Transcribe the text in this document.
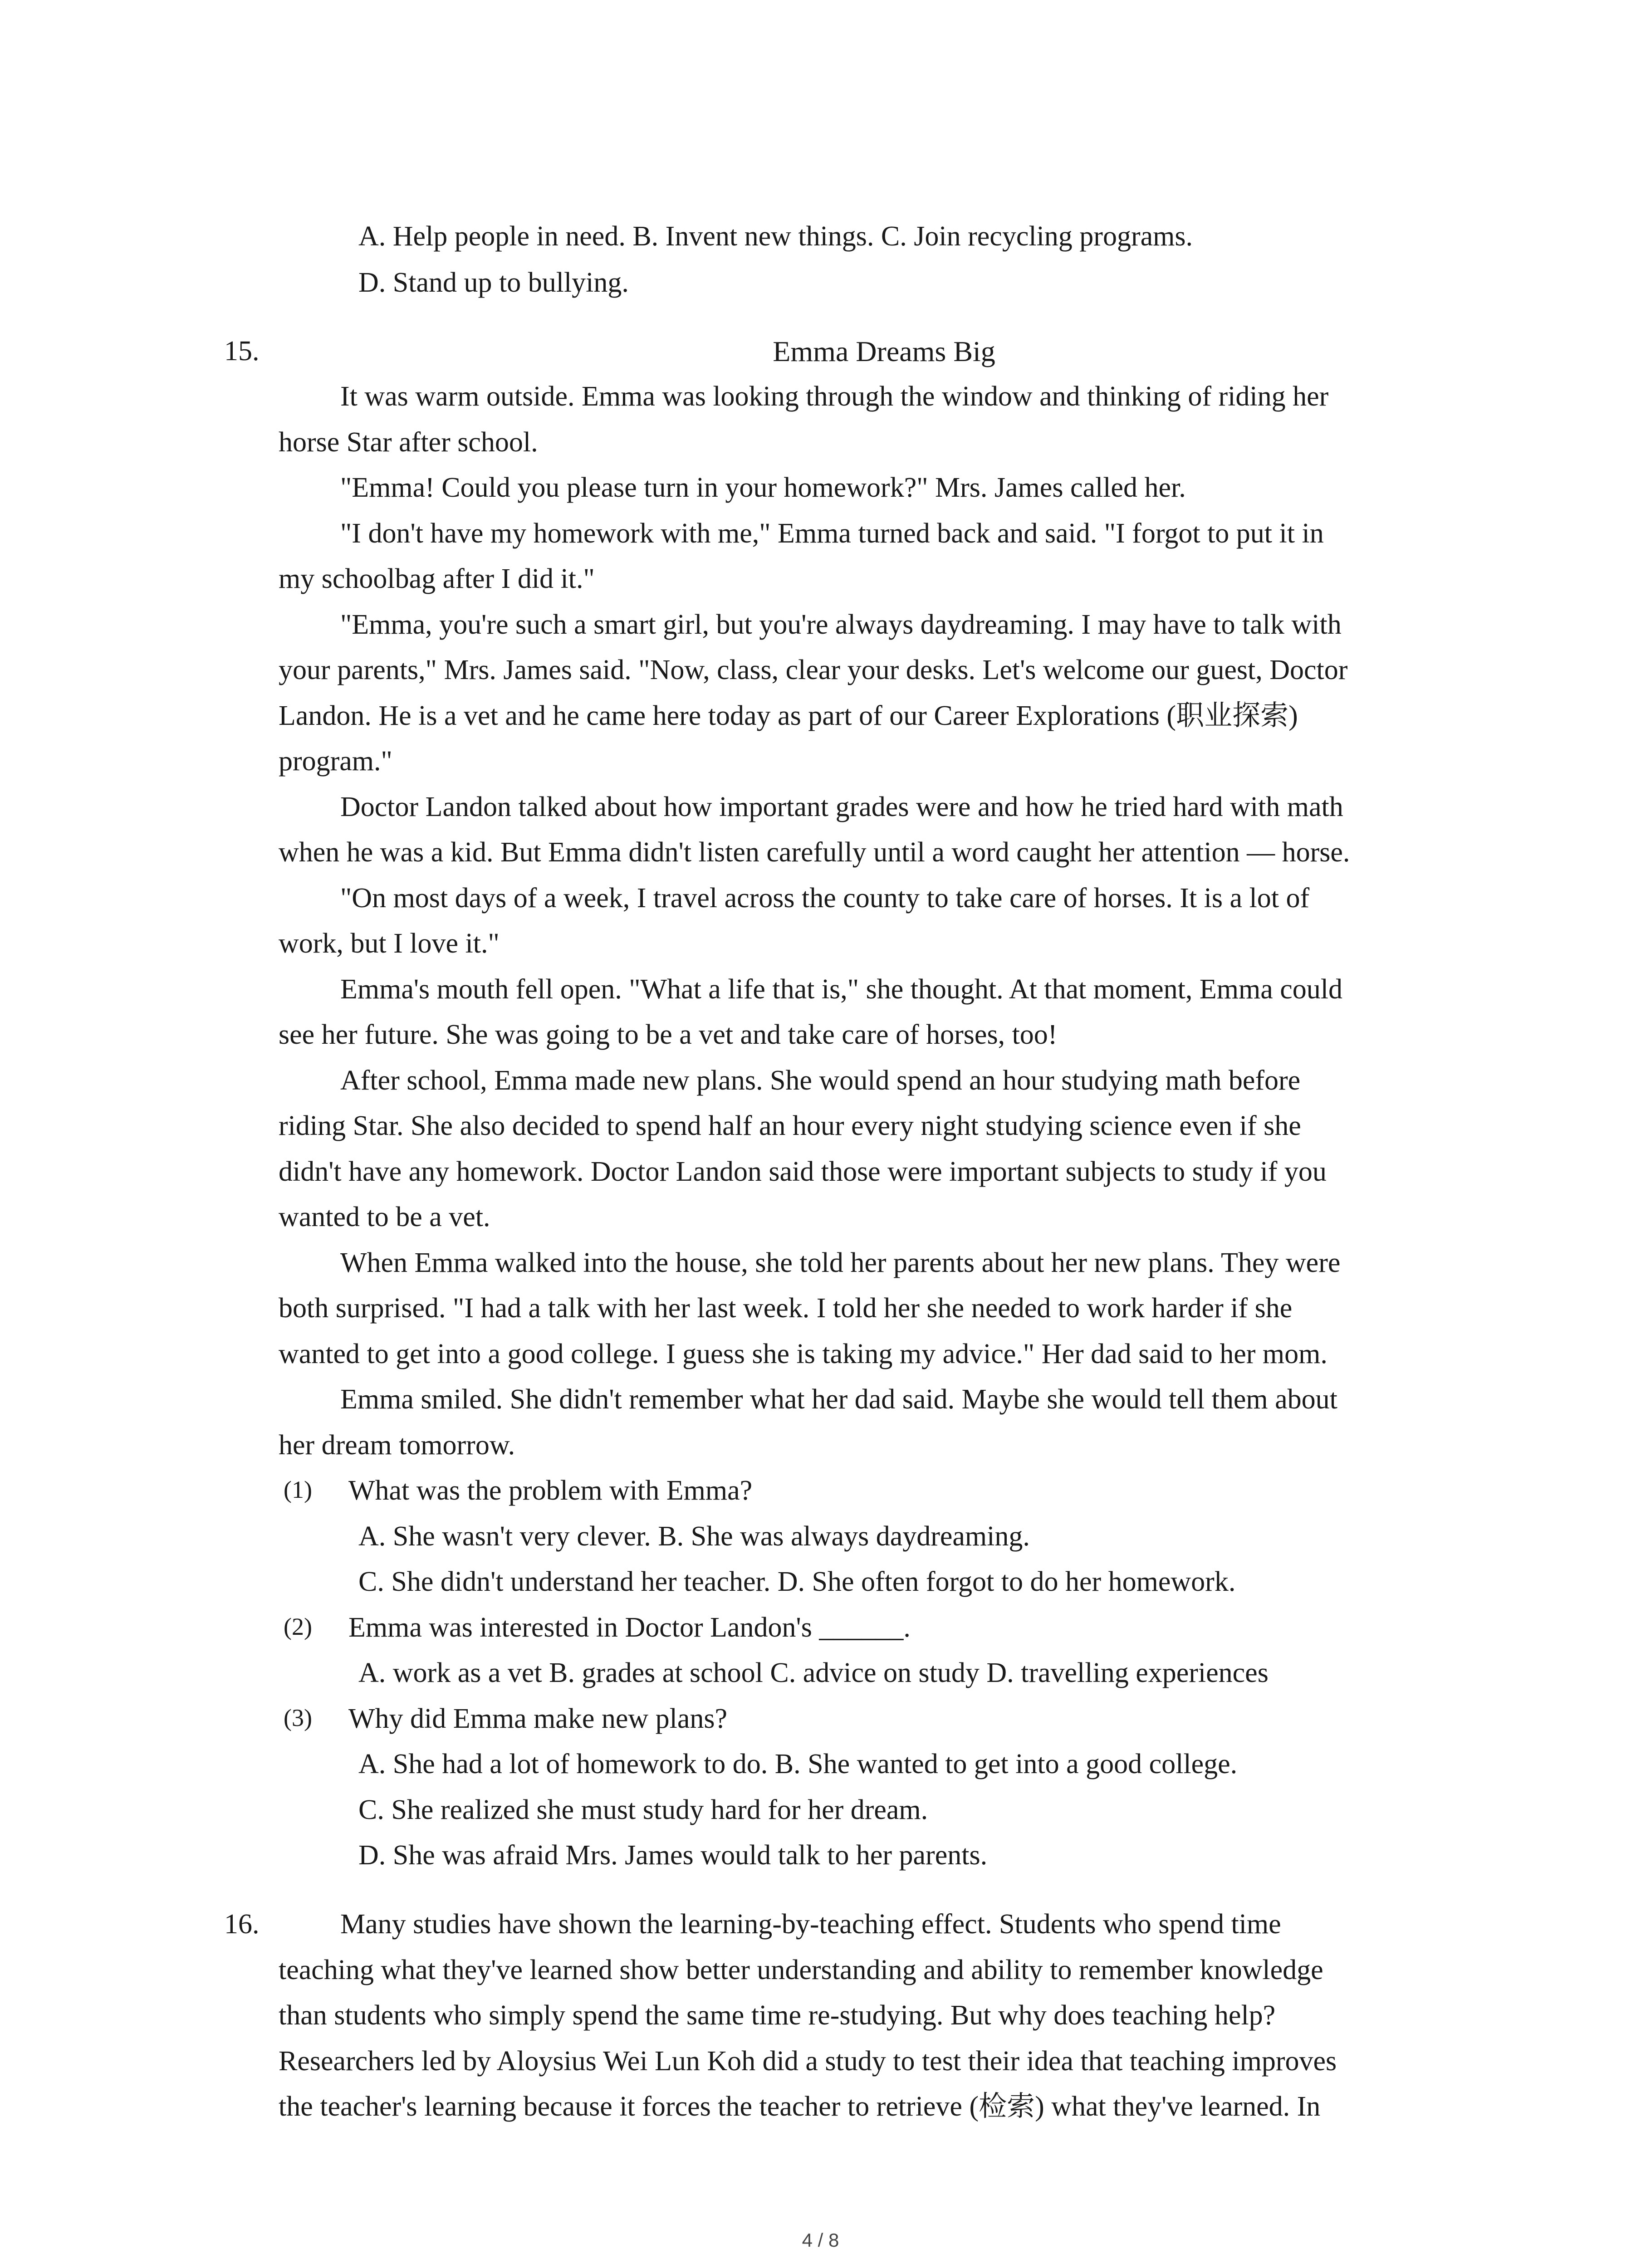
A. Help people in need. B. Invent new things. C. Join recycling programs.
D. Stand up to bullying.
15.	Emma Dreams Big
It was warm outside. Emma was looking through the window and thinking of riding her
horse Star after school.
"Emma! Could you please turn in your homework?" Mrs. James called her.
"I don't have my homework with me," Emma turned back and said. "I forgot to put it in
my schoolbag after I did it."
"Emma, you're such a smart girl, but you're always daydreaming. I may have to talk with
your parents," Mrs. James said. "Now, class, clear your desks. Let's welcome our guest, Doctor
Landon. He is a vet and he came here today as part of our Career Explorations (职业探索)
program."
Doctor Landon talked about how important grades were and how he tried hard with math
when he was a kid. But Emma didn't listen carefully until a word caught her attention — horse.
"On most days of a week, I travel across the county to take care of horses. It is a lot of
work, but I love it."
Emma's mouth fell open. "What a life that is," she thought. At that moment, Emma could
see her future. She was going to be a vet and take care of horses, too!
After school, Emma made new plans. She would spend an hour studying math before
riding Star. She also decided to spend half an hour every night studying science even if she
didn't have any homework. Doctor Landon said those were important subjects to study if you
wanted to be a vet.
When Emma walked into the house, she told her parents about her new plans. They were
both surprised. "I had a talk with her last week. I told her she needed to work harder if she
wanted to get into a good college. I guess she is taking my advice." Her dad said to her mom.
Emma smiled. She didn't remember what her dad said. Maybe she would tell them about
her dream tomorrow.
(1) What was the problem with Emma?
A. She wasn't very clever. B. She was always daydreaming.
C. She didn't understand her teacher. D. She often forgot to do her homework.
(2) Emma was interested in Doctor Landon's ______.
A. work as a vet B. grades at school C. advice on study D. travelling experiences
(3) Why did Emma make new plans?
A. She had a lot of homework to do. B. She wanted to get into a good college.
C. She realized she must study hard for her dream.
D. She was afraid Mrs. James would talk to her parents.
16.	Many studies have shown the learning-by-teaching effect. Students who spend time
teaching what they've learned show better understanding and ability to remember knowledge
than students who simply spend the same time re-studying. But why does teaching help?
Researchers led by Aloysius Wei Lun Koh did a study to test their idea that teaching improves
the teacher's learning because it forces the teacher to retrieve (检索) what they've learned. In
4 / 8
